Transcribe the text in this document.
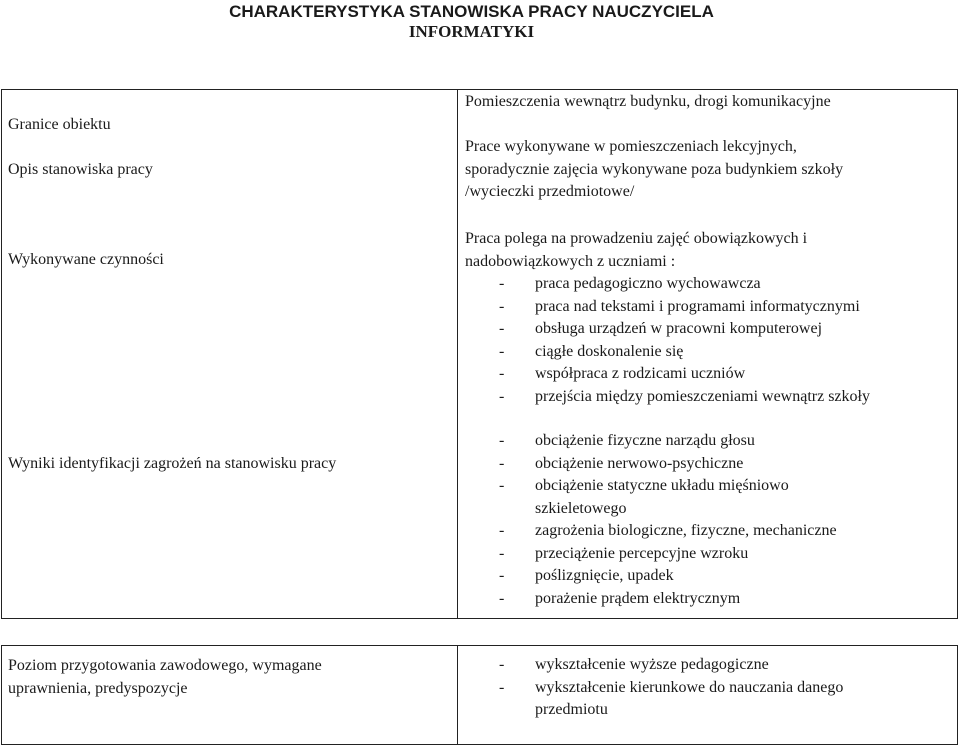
CHARAKTERYSTYKA STANOWISKA PRACY NAUCZYCIELA
INFORMATYKI
Granice obiektu
Pomieszczenia wewnątrz budynku, drogi komunikacyjne
Opis stanowiska pracy
Prace wykonywane w pomieszczeniach lekcyjnych,
sporadycznie zajęcia wykonywane poza budynkiem szkoły
/wycieczki przedmiotowe/
Wykonywane czynności
Praca polega na prowadzeniu zajęć obowiązkowych i
nadobowiązkowych z uczniami :
- praca pedagogiczno wychowawcza
- praca nad tekstami i programami informatycznymi
- obsługa urządzeń w pracowni komputerowej
- ciągłe doskonalenie się
- współpraca z rodzicami uczniów
- przejścia między pomieszczeniami wewnątrz szkoły
Wyniki identyfikacji zagrożeń na stanowisku pracy
- obciążenie fizyczne narządu głosu
- obciążenie nerwowo-psychiczne
- obciążenie statyczne układu mięśniowo
szkieletowego
- zagrożenia biologiczne, fizyczne, mechaniczne
- przeciążenie percepcyjne wzroku
- poślizgnięcie, upadek
- porażenie prądem elektrycznym
Poziom przygotowania zawodowego, wymagane
uprawnienia, predyspozycje
- wykształcenie wyższe pedagogiczne
- wykształcenie kierunkowe do nauczania danego
przedmiotu
